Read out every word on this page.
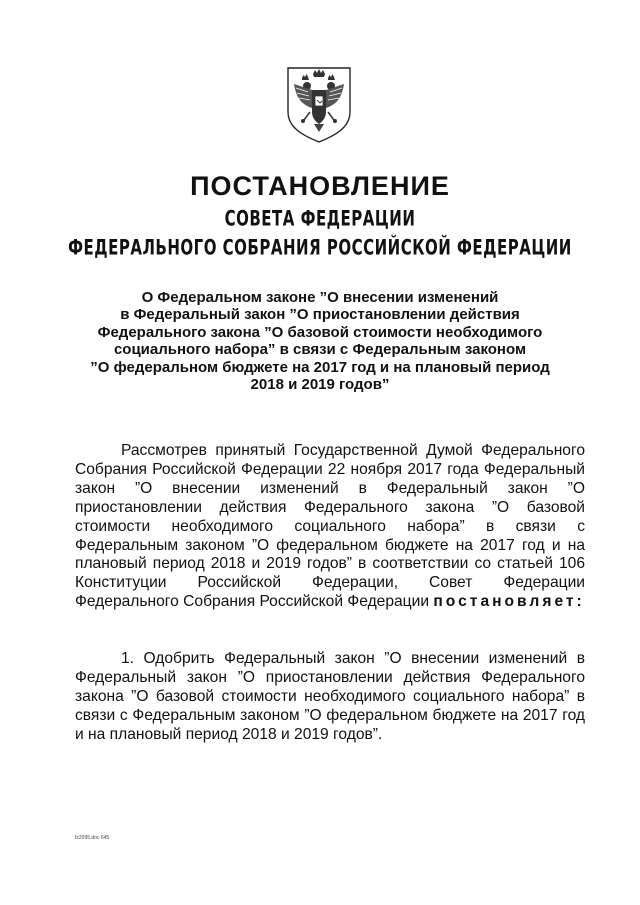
ПОСТАНОВЛЕНИЕ
СОВЕТА ФЕДЕРАЦИИ
ФЕДЕРАЛЬНОГО СОБРАНИЯ РОССИЙСКОЙ ФЕДЕРАЦИИ
О Федеральном законе ”О внесении изменений
в Федеральный закон ”О приостановлении действия
Федерального закона ”О базовой стоимости необходимого
социального набора” в связи с Федеральным законом
”О федеральном бюджете на 2017 год и на плановый период
2018 и 2019 годов”
Рассмотрев принятый Государственной Думой Федерального Собрания Российской Федерации 22 ноября 2017 года Федеральный закон ”О внесении изменений в Федеральный закон ”О приостановлении действия Федерального закона ”О базовой стоимости необходимого социального набора” в связи с Федеральным законом ”О федеральном бюджете на 2017 год и на плановый период 2018 и 2019 годов” в соответствии со статьей 106 Конституции Российской Федерации, Совет Федерации Федерального Собрания Российской Федерации постановляет:
1. Одобрить Федеральный закон ”О внесении изменений в Федеральный закон ”О приостановлении действия Федерального закона ”О базовой стоимости необходимого социального набора” в связи с Федеральным законом ”О федеральном бюджете на 2017 год и на плановый период 2018 и 2019 годов”.
fz2095.doc 645
